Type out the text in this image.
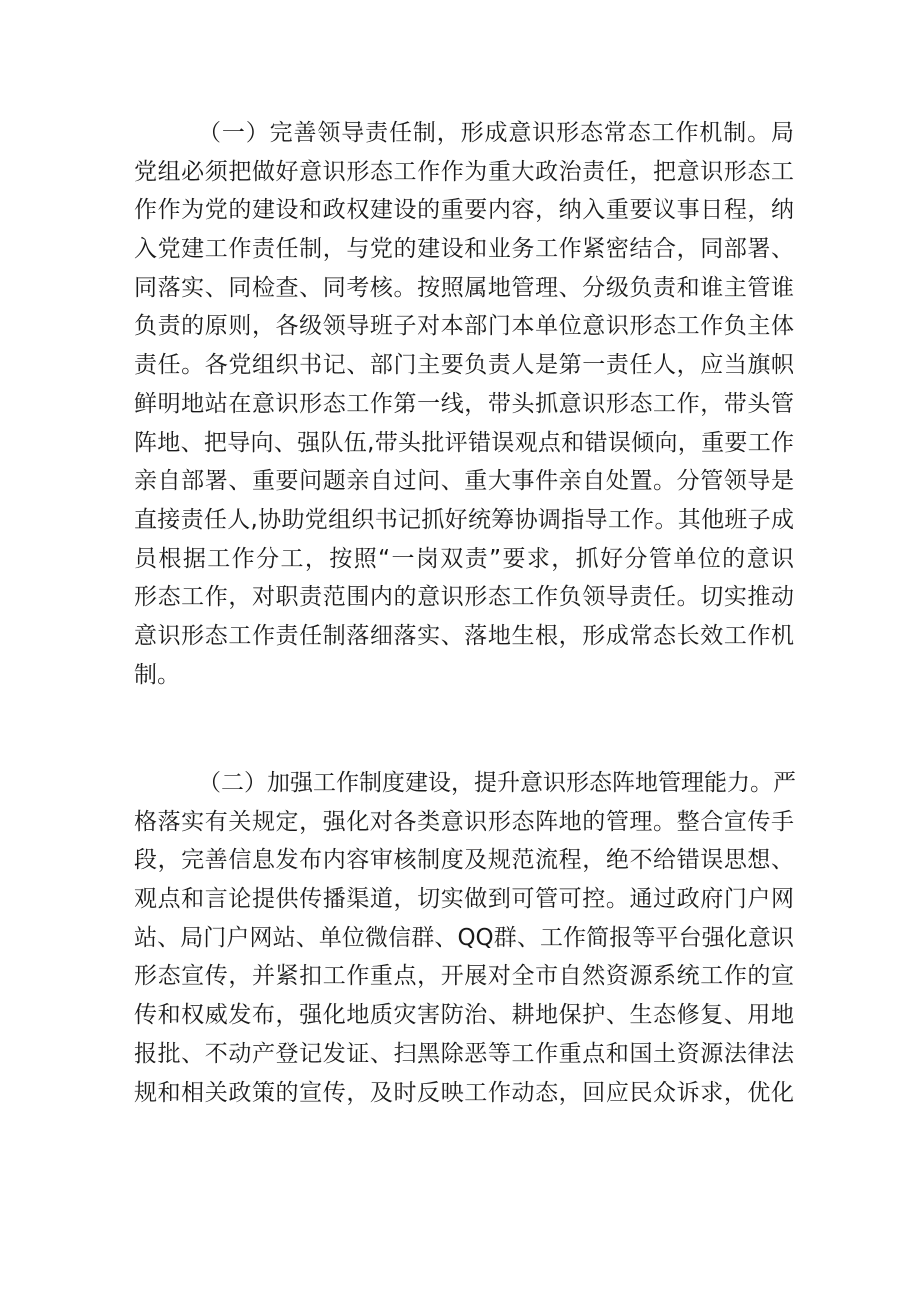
（一）完善领导责任制，形成意识形态常态工作机制。局
党组必须把做好意识形态工作作为重大政治责任，把意识形态工
作作为党的建设和政权建设的重要内容，纳入重要议事日程，纳
入党建工作责任制，与党的建设和业务工作紧密结合，同部署、
同落实、同检查、同考核。按照属地管理、分级负责和谁主管谁
负责的原则，各级领导班子对本部门本单位意识形态工作负主体
责任。各党组织书记、部门主要负责人是第一责任人，应当旗帜
鲜明地站在意识形态工作第一线，带头抓意识形态工作，带头管
阵地、把导向、强队伍,带头批评错误观点和错误倾向，重要工作
亲自部署、重要问题亲自过问、重大事件亲自处置。分管领导是
直接责任人,协助党组织书记抓好统筹协调指导工作。其他班子成
员根据工作分工，按照“一岗双责”要求，抓好分管单位的意识
形态工作，对职责范围内的意识形态工作负领导责任。切实推动
意识形态工作责任制落细落实、落地生根，形成常态长效工作机
制。
（二）加强工作制度建设，提升意识形态阵地管理能力。严
格落实有关规定，强化对各类意识形态阵地的管理。整合宣传手
段，完善信息发布内容审核制度及规范流程，绝不给错误思想、
观点和言论提供传播渠道，切实做到可管可控。通过政府门户网
站、局门户网站、单位微信群、QQ群、工作简报等平台强化意识
形态宣传，并紧扣工作重点，开展对全市自然资源系统工作的宣
传和权威发布，强化地质灾害防治、耕地保护、生态修复、用地
报批、不动产登记发证、扫黑除恶等工作重点和国土资源法律法
规和相关政策的宣传，及时反映工作动态，回应民众诉求，优化
